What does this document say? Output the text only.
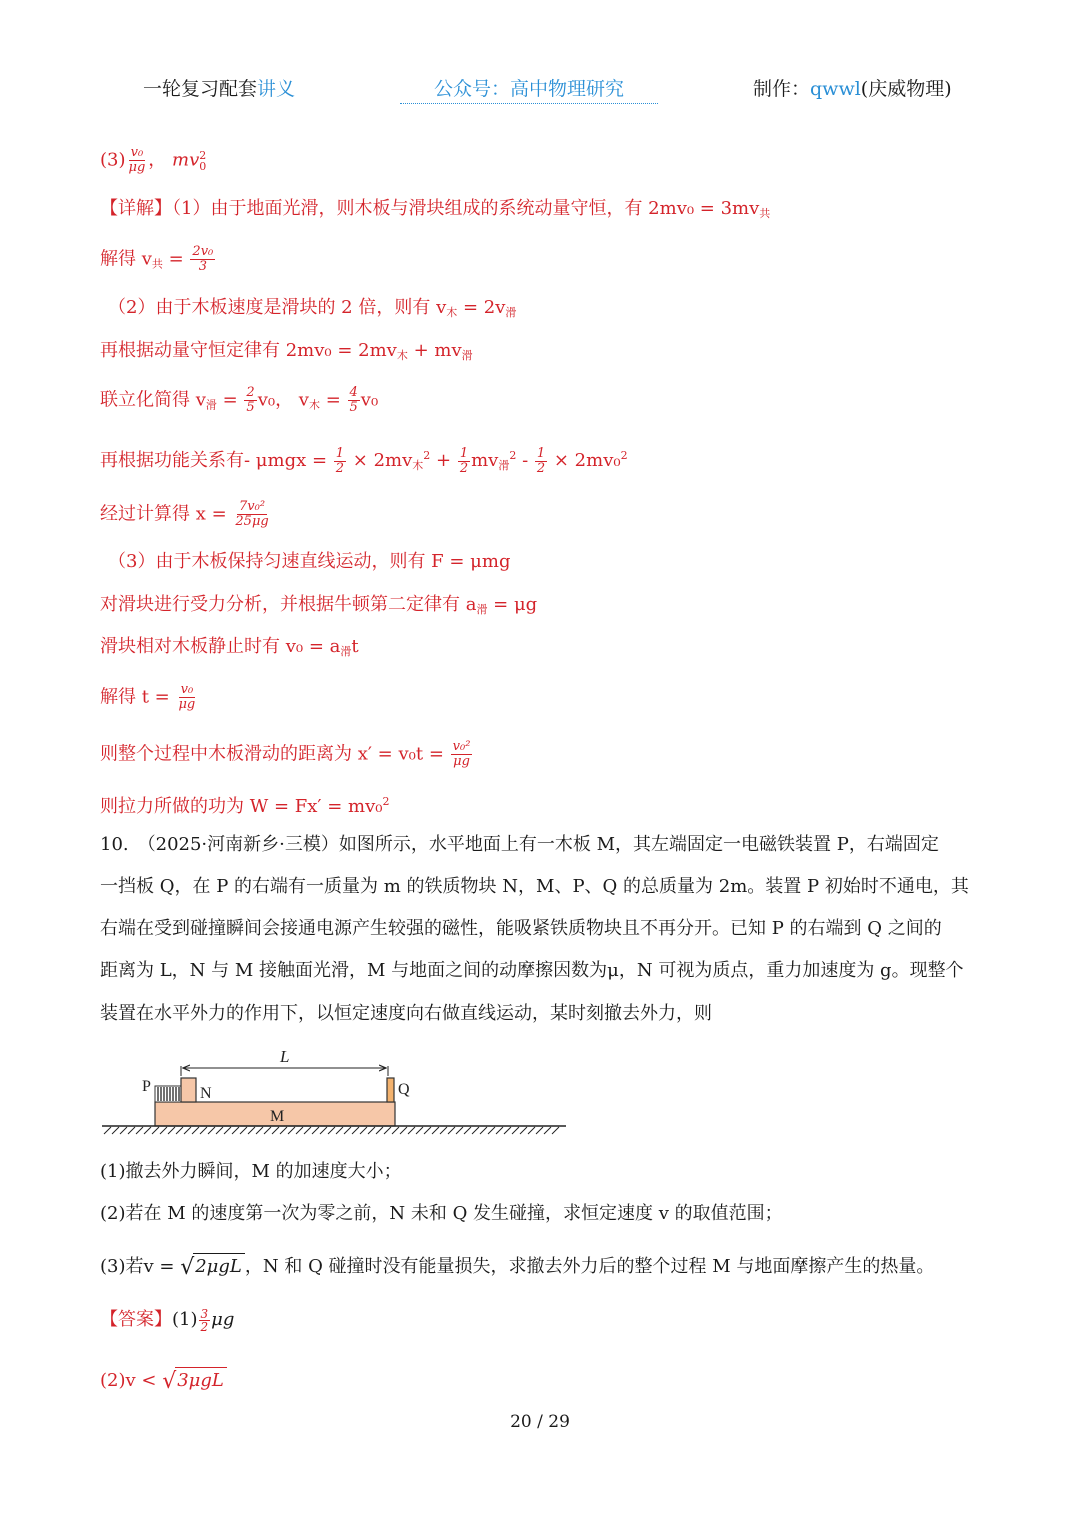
一轮复习配套讲义	公众号：高中物理研究	制作：qwwl(庆威物理)
$(3) \frac{\text{v₀}}{\mu g}$ ， mv 2
0
【详解】（1）由于地面光滑，则木板与滑块组成的系统动量守恒，有 $2mv_0 = 3mv_共$
解得 $v_共 = \frac{\text{2v₀}}{3}$
（2）由于木板速度是滑块的 2 倍，则有 $v_木 = 2v_滑$
再根据动量守恒定律有 $2mv_0 = 2mv_木 + mv_滑$
联立化简得 $v_滑 = \frac{2}{5} v_0$， $v_木 = \frac{4}{5} v_0$
再根据功能关系有- $\mu mgx = \frac{1}{2} \times 2mv_木^2 + \frac{1}{2} mv_滑^2 - \frac{1}{2} \times 2mv_0^2$
经过计算得 $x = \frac{\text{7v₀²}}{25\mu g}$
（3）由于木板保持匀速直线运动，则有 F = μmg
对滑块进行受力分析，并根据牛顿第二定律有 $a_滑 = \mu g$
滑块相对木板静止时有 $v_0 = a_滑t$
解得 $t = \frac{\text{v₀}}{\mu g}$
则整个过程中木板滑动的距离为 $x' = v_0t = \frac{\text{v₀²}}{\mu g}$
则拉力所做的功为 W = Fx′ = mv₀$^2$
10.　（2025·河南新乡·三模）如图所示，水平地面上有一木板 M，其左端固定一电磁铁装置 P，右端固定
一挡板 Q，在 P 的右端有一质量为 m 的铁质物块 N，M、P、Q 的总质量为 2m。装置 P 初始时不通电，其
右端在受到碰撞瞬间会接通电源产生较强的磁性，能吸紧铁质物块且不再分开。已知 P 的右端到 Q 之间的
距离为 L，N 与 M 接触面光滑，M 与地面之间的动摩擦因数为μ，N 可视为质点，重力加速度为 g。现整个
装置在水平外力的作用下，以恒定速度向右做直线运动，某时刻撤去外力，则
L
M
P	N	Q
(1)撤去外力瞬间，M 的加速度大小；
(2)若在 M 的速度第一次为零之前，N 未和 Q 发生碰撞，求恒定速度 v 的取值范围；
(3)若v = √2μgL ，N 和 Q 碰撞时没有能量损失，求撤去外力后的整个过程 M 与地面摩擦产生的热量。
【答案】$(1) \frac{3}{2}$ μg
(2)v < √3μgL
20 / 29
